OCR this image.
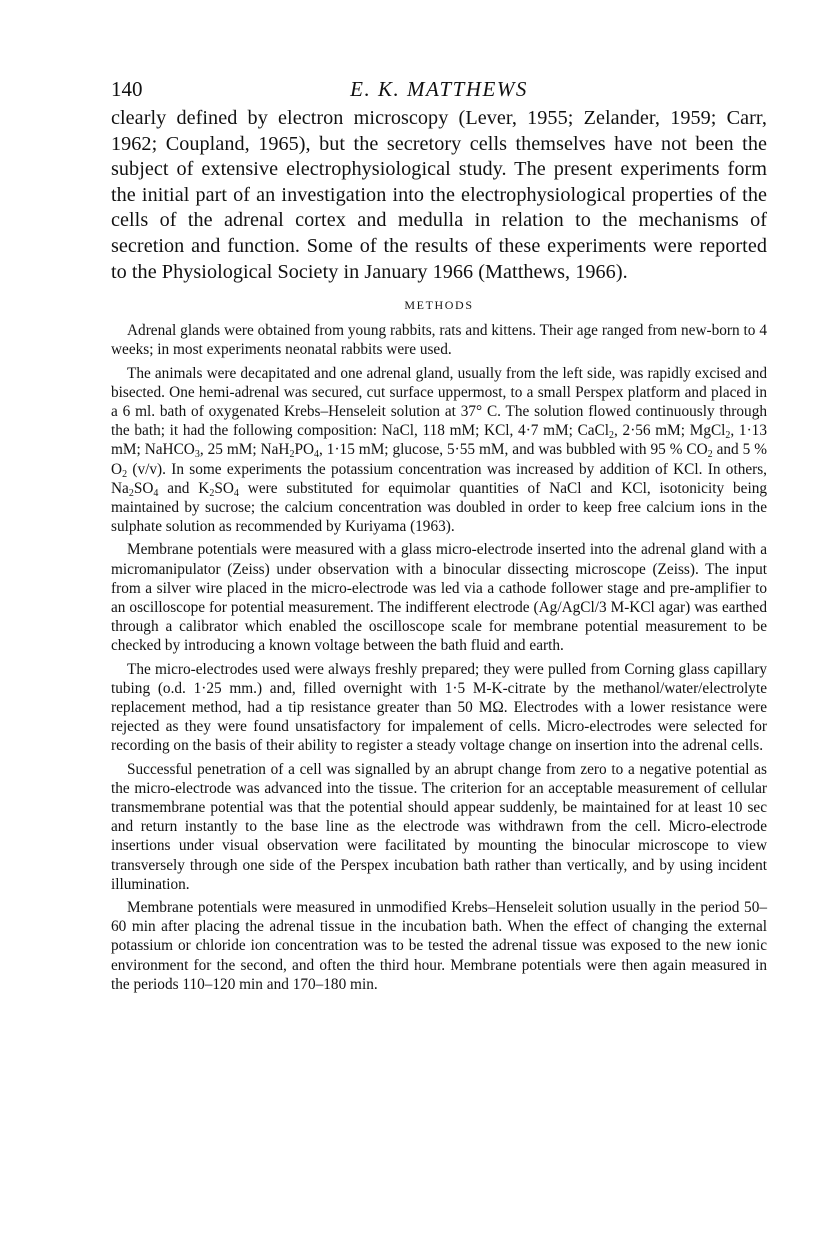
140	E. K. MATTHEWS

clearly defined by electron microscopy (Lever, 1955; Zelander, 1959; Carr, 1962; Coupland, 1965), but the secretory cells themselves have not been the subject of extensive electrophysiological study. The present experiments form the initial part of an investigation into the electrophysiological properties of the cells of the adrenal cortex and medulla in relation to the mechanisms of secretion and function. Some of the results of these experiments were reported to the Physiological Society in January 1966 (Matthews, 1966).

METHODS

Adrenal glands were obtained from young rabbits, rats and kittens. Their age ranged from new-born to 4 weeks; in most experiments neonatal rabbits were used.

The animals were decapitated and one adrenal gland, usually from the left side, was rapidly excised and bisected. One hemi-adrenal was secured, cut surface uppermost, to a small Perspex platform and placed in a 6 ml. bath of oxygenated Krebs–Henseleit solution at 37° C. The solution flowed continuously through the bath; it had the following composition: NaCl, 118 mM; KCl, 4·7 mM; CaCl$_2$, 2·56 mM; MgCl$_2$, 1·13 mM; NaHCO$_3$, 25 mM; $NaH_2PO_4$, 1·15 mM; glucose, 5·55 mM, and was bubbled with 95 % $CO_2$ and 5 % $O_2$ (v/v). In some experiments the potassium concentration was increased by addition of KCl. In others, $Na_2SO_4$ and $K_2SO_4$ were substituted for equimolar quantities of NaCl and KCl, isotonicity being maintained by sucrose; the calcium concentration was doubled in order to keep free calcium ions in the sulphate solution as recommended by Kuriyama (1963).

Membrane potentials were measured with a glass micro-electrode inserted into the adrenal gland with a micromanipulator (Zeiss) under observation with a binocular dissecting microscope (Zeiss). The input from a silver wire placed in the micro-electrode was led via a cathode follower stage and pre-amplifier to an oscilloscope for potential measurement. The indifferent electrode (Ag/AgCl/3 M-KCl agar) was earthed through a calibrator which enabled the oscilloscope scale for membrane potential measurement to be checked by introducing a known voltage between the bath fluid and earth.

The micro-electrodes used were always freshly prepared; they were pulled from Corning glass capillary tubing (o.d. 1·25 mm.) and, filled overnight with 1·5 M-K-citrate by the methanol/water/electrolyte replacement method, had a tip resistance greater than 50 MΩ. Electrodes with a lower resistance were rejected as they were found unsatisfactory for impalement of cells. Micro-electrodes were selected for recording on the basis of their ability to register a steady voltage change on insertion into the adrenal cells.

Successful penetration of a cell was signalled by an abrupt change from zero to a negative potential as the micro-electrode was advanced into the tissue. The criterion for an acceptable measurement of cellular transmembrane potential was that the potential should appear suddenly, be maintained for at least 10 sec and return instantly to the base line as the electrode was withdrawn from the cell. Micro-electrode insertions under visual observation were facilitated by mounting the binocular microscope to view transversely through one side of the Perspex incubation bath rather than vertically, and by using incident illumination.

Membrane potentials were measured in unmodified Krebs–Henseleit solution usually in the period 50–60 min after placing the adrenal tissue in the incubation bath. When the effect of changing the external potassium or chloride ion concentration was to be tested the adrenal tissue was exposed to the new ionic environment for the second, and often the third hour. Membrane potentials were then again measured in the periods 110–120 min and 170–180 min.
